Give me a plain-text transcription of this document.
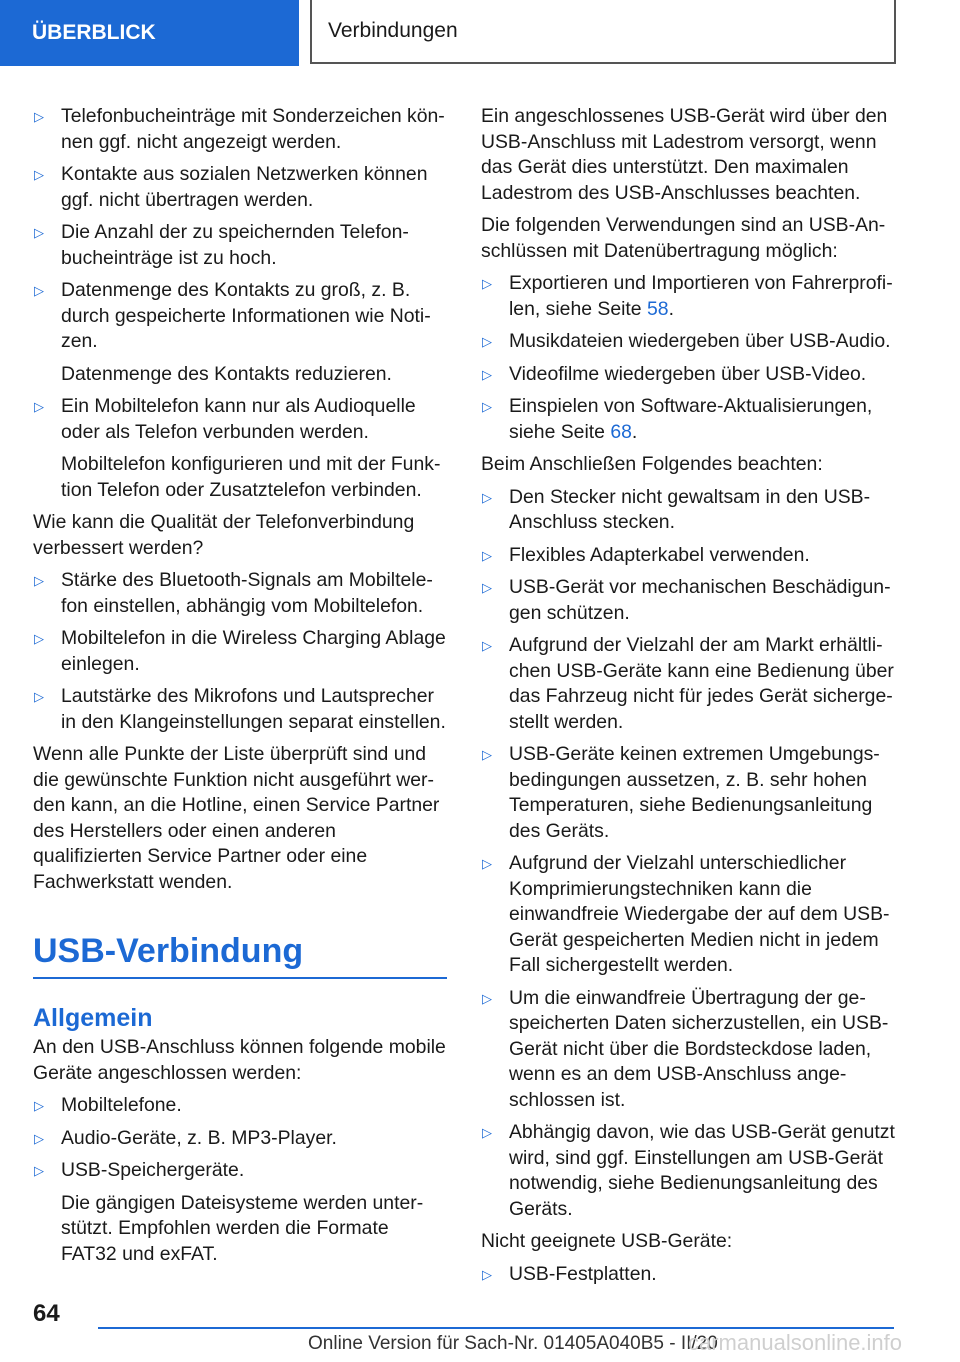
ÜBERBLICK	Verbindungen
▷ Telefonbucheinträge mit Sonderzeichen können ggf. nicht angezeigt werden.
▷ Kontakte aus sozialen Netzwerken können ggf. nicht übertragen werden.
▷ Die Anzahl der zu speichernden Telefonbucheinträge ist zu hoch.
▷ Datenmenge des Kontakts zu groß, z. B. durch gespeicherte Informationen wie Notizen.
Datenmenge des Kontakts reduzieren.
▷ Ein Mobiltelefon kann nur als Audioquelle oder als Telefon verbunden werden.
Mobiltelefon konfigurieren und mit der Funktion Telefon oder Zusatztelefon verbinden.
Wie kann die Qualität der Telefonverbindung verbessert werden?
▷ Stärke des Bluetooth-Signals am Mobiltelefon einstellen, abhängig vom Mobiltelefon.
▷ Mobiltelefon in die Wireless Charging Ablage einlegen.
▷ Lautstärke des Mikrofons und Lautsprecher in den Klangeinstellungen separat einstellen.
Wenn alle Punkte der Liste überprüft sind und die gewünschte Funktion nicht ausgeführt werden kann, an die Hotline, einen Service Partner des Herstellers oder einen anderen qualifizierten Service Partner oder eine Fachwerkstatt wenden.
USB-Verbindung
Allgemein
An den USB-Anschluss können folgende mobile Geräte angeschlossen werden:
▷ Mobiltelefone.
▷ Audio-Geräte, z. B. MP3-Player.
▷ USB-Speichergeräte.
Die gängigen Dateisysteme werden unterstützt. Empfohlen werden die Formate FAT32 und exFAT.
Ein angeschlossenes USB-Gerät wird über den USB-Anschluss mit Ladestrom versorgt, wenn das Gerät dies unterstützt. Den maximalen Ladestrom des USB-Anschlusses beachten.
Die folgenden Verwendungen sind an USB-Anschlüssen mit Datenübertragung möglich:
▷ Exportieren und Importieren von Fahrerprofilen, siehe Seite 58.
▷ Musikdateien wiedergeben über USB-Audio.
▷ Videofilme wiedergeben über USB-Video.
▷ Einspielen von Software-Aktualisierungen, siehe Seite 68.
Beim Anschließen Folgendes beachten:
▷ Den Stecker nicht gewaltsam in den USB-Anschluss stecken.
▷ Flexibles Adapterkabel verwenden.
▷ USB-Gerät vor mechanischen Beschädigungen schützen.
▷ Aufgrund der Vielzahl der am Markt erhältlichen USB-Geräte kann eine Bedienung über das Fahrzeug nicht für jedes Gerät sichergestellt werden.
▷ USB-Geräte keinen extremen Umgebungsbedingungen aussetzen, z. B. sehr hohen Temperaturen, siehe Bedienungsanleitung des Geräts.
▷ Aufgrund der Vielzahl unterschiedlicher Komprimierungstechniken kann die einwandfreie Wiedergabe der auf dem USB-Gerät gespeicherten Medien nicht in jedem Fall sichergestellt werden.
▷ Um die einwandfreie Übertragung der gespeicherten Daten sicherzustellen, ein USB-Gerät nicht über die Bordsteckdose laden, wenn es an dem USB-Anschluss angeschlossen ist.
▷ Abhängig davon, wie das USB-Gerät genutzt wird, sind ggf. Einstellungen am USB-Gerät notwendig, siehe Bedienungsanleitung des Geräts.
Nicht geeignete USB-Geräte:
▷ USB-Festplatten.
64
Online Version für Sach-Nr. 01405A040B5 - II/20
carmanualsonline.info
